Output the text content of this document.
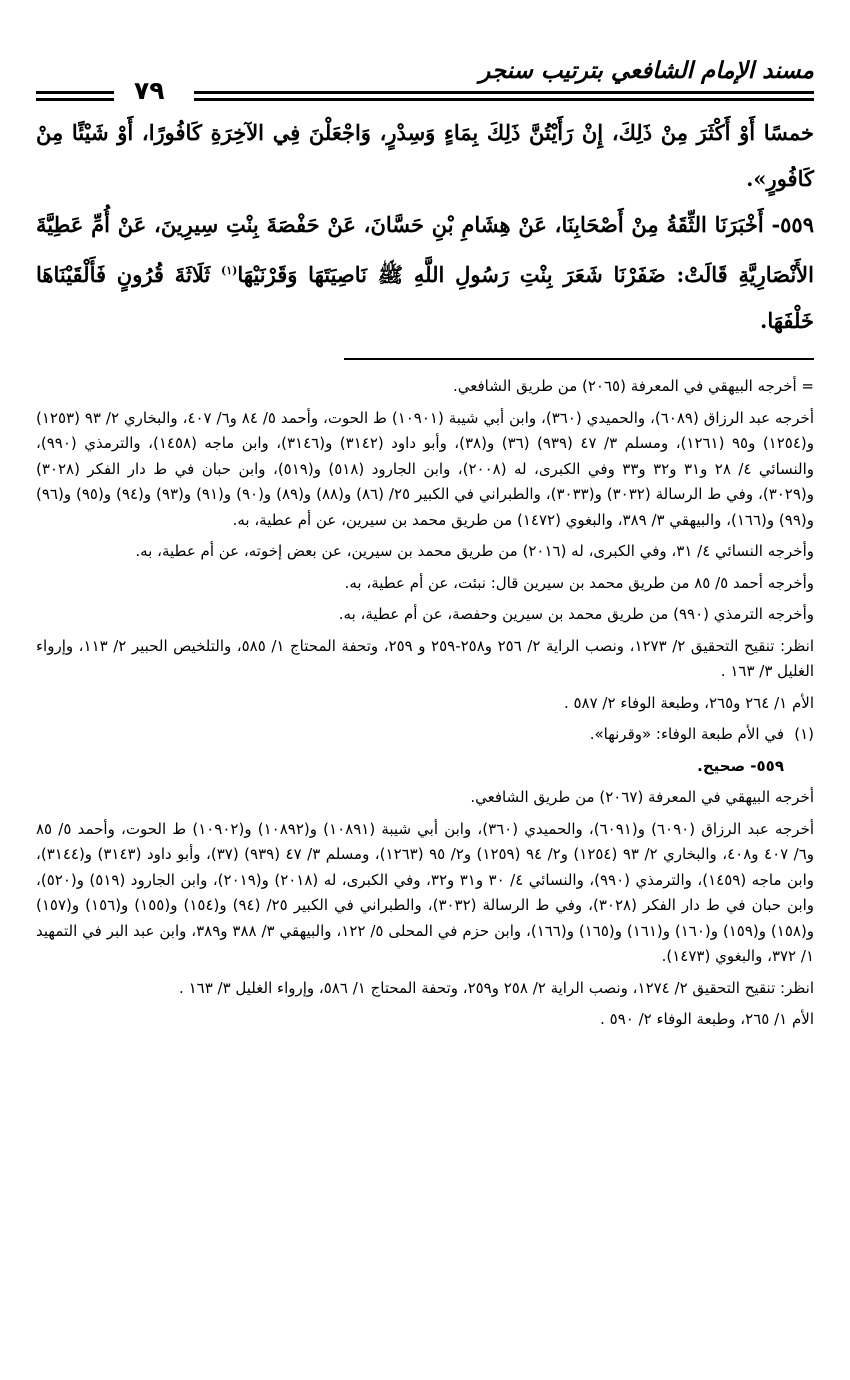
مسند الإمام الشافعي بترتيب سنجر
٧٩

خمسًا أَوْ أَكْثَرَ مِنْ ذَلِكَ، إِنْ رَأَيْتُنَّ ذَلِكَ بِمَاءٍ وَسِدْرٍ، وَاجْعَلْنَ فِي الآخِرَةِ كَافُورًا، أَوْ شَيْئًا مِنْ كَافُورٍ».

٥٥٩- أَخْبَرَنَا الثِّقَةُ مِنْ أَصْحَابِنَا، عَنْ هِشَامِ بْنِ حَسَّانَ، عَنْ حَفْصَةَ بِنْتِ سِيرِينَ، عَنْ أُمِّ عَطِيَّةَ الأَنْصَارِيَّةِ قَالَتْ: ضَفَرْنَا شَعَرَ بِنْتِ رَسُولِ اللَّهِ ﷺ نَاصِيَتَهَا وَقَرْنَيْهَا$^{(١)}$ ثَلَاثَةَ قُرُونٍ فَأَلْقَيْنَاهَا خَلْفَهَا.

= أخرجه البيهقي في المعرفة (٢٠٦٥) من طريق الشافعي.

أخرجه عبد الرزاق (٦٠٨٩)، والحميدي (٣٦٠)، وابن أبي شيبة (١٠٩٠١) ط الحوت، وأحمد ٥/ ٨٤ و٦/ ٤٠٧، والبخاري ٢/ ٩٣ (١٢٥٣) و(١٢٥٤) و٩٥ (١٢٦١)، ومسلم ٣/ ٤٧ (٩٣٩) (٣٦) و(٣٨)، وأبو داود (٣١٤٢) و(٣١٤٦)، وابن ماجه (١٤٥٨)، والترمذي (٩٩٠)، والنسائي ٤/ ٢٨ و٣١ و٣٢ و٣٣ وفي الكبرى، له (٢٠٠٨)، وابن الجارود (٥١٨) و(٥١٩)، وابن حبان في ط دار الفكر (٣٠٢٨) و(٣٠٢٩)، وفي ط الرسالة (٣٠٣٢) و(٣٠٣٣)، والطبراني في الكبير ٢٥/ (٨٦) و(٨٨) و(٨٩) و(٩٠) و(٩١) و(٩٣) و(٩٤) و(٩٥) و(٩٦) و(٩٩) و(١٦٦)، والبيهقي ٣/ ٣٨٩، والبغوي (١٤٧٢) من طريق محمد بن سيرين، عن أم عطية، به.

وأخرجه النسائي ٤/ ٣١، وفي الكبرى، له (٢٠١٦) من طريق محمد بن سيرين، عن بعض إخوته، عن أم عطية، به.

وأخرجه أحمد ٥/ ٨٥ من طريق محمد بن سيرين قال: نبئت، عن أم عطية، به.

وأخرجه الترمذي (٩٩٠) من طريق محمد بن سيرين وحفصة، عن أم عطية، به.

انظر: تنقيح التحقيق ٢/ ١٢٧٣، ونصب الراية ٢/ ٢٥٦ و٢٥٨-٢٥٩ و ٢٥٩، وتحفة المحتاج ١/ ٥٨٥، والتلخيص الحبير ٢/ ١١٣، وإرواء الغليل ٣/ ١٦٣ .

الأم ١/ ٢٦٤ و٢٦٥، وطبعة الوفاء ٢/ ٥٨٧ .

(١)
في الأم طبعة الوفاء: «وقرنها».

٥٥٩- صحيح.

أخرجه البيهقي في المعرفة (٢٠٦٧) من طريق الشافعي.

أخرجه عبد الرزاق (٦٠٩٠) و(٦٠٩١)، والحميدي (٣٦٠)، وابن أبي شيبة (١٠٨٩١) و(١٠٨٩٢) و(١٠٩٠٢) ط الحوت، وأحمد ٥/ ٨٥ و٦/ ٤٠٧ و٤٠٨، والبخاري ٢/ ٩٣ (١٢٥٤) و٢/ ٩٤ (١٢٥٩) و٢/ ٩٥ (١٢٦٣)، ومسلم ٣/ ٤٧ (٩٣٩) (٣٧)، وأبو داود (٣١٤٣) و(٣١٤٤)، وابن ماجه (١٤٥٩)، والترمذي (٩٩٠)، والنسائي ٤/ ٣٠ و٣١ و٣٢، وفي الكبرى، له (٢٠١٨) و(٢٠١٩)، وابن الجارود (٥١٩) و(٥٢٠)، وابن حبان في ط دار الفكر (٣٠٢٨)، وفي ط الرسالة (٣٠٣٢)، والطبراني في الكبير ٢٥/ (٩٤) و(١٥٤) و(١٥٥) و(١٥٦) و(١٥٧) و(١٥٨) و(١٥٩) و(١٦٠) و(١٦١) و(١٦٥) و(١٦٦)، وابن حزم في المحلى ٥/ ١٢٢، والبيهقي ٣/ ٣٨٨ و٣٨٩، وابن عبد البر في التمهيد ١/ ٣٧٢، والبغوي (١٤٧٣).

انظر: تنقيح التحقيق ٢/ ١٢٧٤، ونصب الراية ٢/ ٢٥٨ و٢٥٩، وتحفة المحتاج ١/ ٥٨٦، وإرواء الغليل ٣/ ١٦٣ .

الأم ١/ ٢٦٥، وطبعة الوفاء ٢/ ٥٩٠ .
